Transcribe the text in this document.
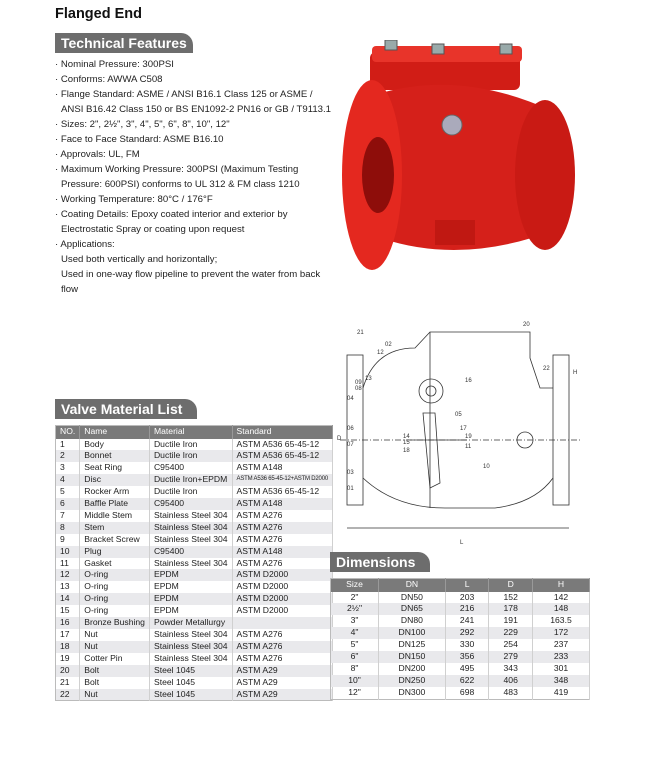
Flanged End
Technical Features
· Nominal Pressure: 300PSI
· Conforms: AWWA C508
· Flange Standard: ASME / ANSI B16.1 Class 125 or ASME /
ANSI B16.42 Class 150 or BS EN1092-2 PN16 or GB / T9113.1
· Sizes: 2", 2½", 3", 4", 5", 6", 8", 10", 12"
· Face to Face Standard: ASME B16.10
· Approvals: UL, FM
· Maximum Working Pressure: 300PSI (Maximum Testing
Pressure: 600PSI) conforms to UL 312 & FM class 1210
· Working Temperature: 80°C / 176°F
· Coating Details: Epoxy coated interior and exterior by
Electrostatic Spray or coating upon request
· Applications:
Used both vertically and horizontally;
Used in one-way flow pipeline to prevent the water from back
flow
21
02
12
20
22
H
09
13
08
16
04
05
06	17
19
D	14
07	15
18
11
10
03
01
L
Valve Material List
NO.	Name	Material	Standard
1	Body	Ductile Iron	ASTM A536 65-45-12
2	Bonnet	Ductile Iron	ASTM A536 65-45-12
3	Seat Ring	C95400	ASTM A148
4	Disc	Ductile Iron+EPDM	ASTM A536 65-45-12+ASTM D2000
5	Rocker Arm	Ductile Iron	ASTM A536 65-45-12
6	Baffle Plate	C95400	ASTM A148
7	Middle Stem	Stainless Steel 304	ASTM A276
8	Stem	Stainless Steel 304	ASTM A276
9	Bracket Screw	Stainless Steel 304	ASTM A276
10	Plug	C95400	ASTM A148
11	Gasket	Stainless Steel 304	ASTM A276
12	O-ring	EPDM	ASTM D2000
13	O-ring	EPDM	ASTM D2000
14	O-ring	EPDM	ASTM D2000
15	O-ring	EPDM	ASTM D2000
16	Bronze Bushing	Powder Metallurgy	
17	Nut	Stainless Steel 304	ASTM A276
18	Nut	Stainless Steel 304	ASTM A276
19	Cotter Pin	Stainless Steel 304	ASTM A276
20	Bolt	Steel 1045	ASTM A29
21	Bolt	Steel 1045	ASTM A29
22	Nut	Steel 1045	ASTM A29
Dimensions
Size	DN	L	D	H
2"	DN50	203	152	142
2½"	DN65	216	178	148
3"	DN80	241	191	163.5
4"	DN100	292	229	172
5"	DN125	330	254	237
6"	DN150	356	279	233
8"	DN200	495	343	301
10"	DN250	622	406	348
12"	DN300	698	483	419
